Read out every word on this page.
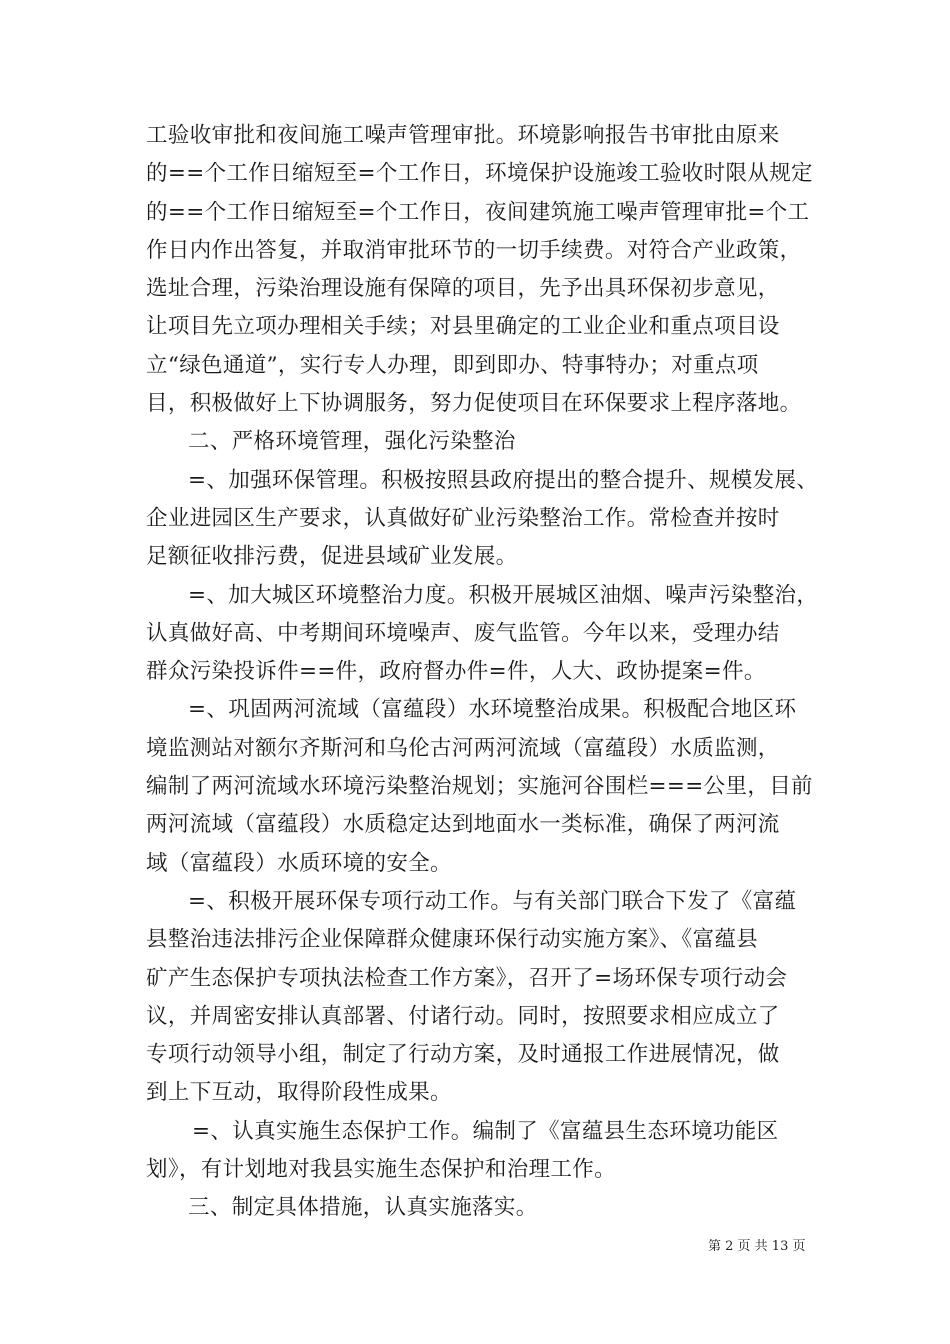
工验收审批和夜间施工噪声管理审批。环境影响报告书审批由原来
的==个工作日缩短至=个工作日，环境保护设施竣工验收时限从规定
的==个工作日缩短至=个工作日，夜间建筑施工噪声管理审批=个工
作日内作出答复，并取消审批环节的一切手续费。对符合产业政策，
选址合理，污染治理设施有保障的项目，先予出具环保初步意见，
让项目先立项办理相关手续；对县里确定的工业企业和重点项目设
立“绿色通道”，实行专人办理，即到即办、特事特办；对重点项
目，积极做好上下协调服务，努力促使项目在环保要求上程序落地。
二、严格环境管理，强化污染整治
=、加强环保管理。积极按照县政府提出的整合提升、规模发展、
企业进园区生产要求，认真做好矿业污染整治工作。常检查并按时
足额征收排污费，促进县域矿业发展。
=、加大城区环境整治力度。积极开展城区油烟、噪声污染整治，
认真做好高、中考期间环境噪声、废气监管。今年以来，受理办结
群众污染投诉件==件，政府督办件=件，人大、政协提案=件。
=、巩固两河流域（富蕴段）水环境整治成果。积极配合地区环
境监测站对额尔齐斯河和乌伦古河两河流域（富蕴段）水质监测，
编制了两河流域水环境污染整治规划；实施河谷围栏===公里，目前
两河流域（富蕴段）水质稳定达到地面水一类标准，确保了两河流
域（富蕴段）水质环境的安全。
=、积极开展环保专项行动工作。与有关部门联合下发了《富蕴
县整治违法排污企业保障群众健康环保行动实施方案》、《富蕴县
矿产生态保护专项执法检查工作方案》，召开了=场环保专项行动会
议，并周密安排认真部署、付诸行动。同时，按照要求相应成立了
专项行动领导小组，制定了行动方案，及时通报工作进展情况，做
到上下互动，取得阶段性成果。
=、认真实施生态保护工作。编制了《富蕴县生态环境功能区
划》，有计划地对我县实施生态保护和治理工作。
三、制定具体措施，认真实施落实。
第 2 页 共 13 页
